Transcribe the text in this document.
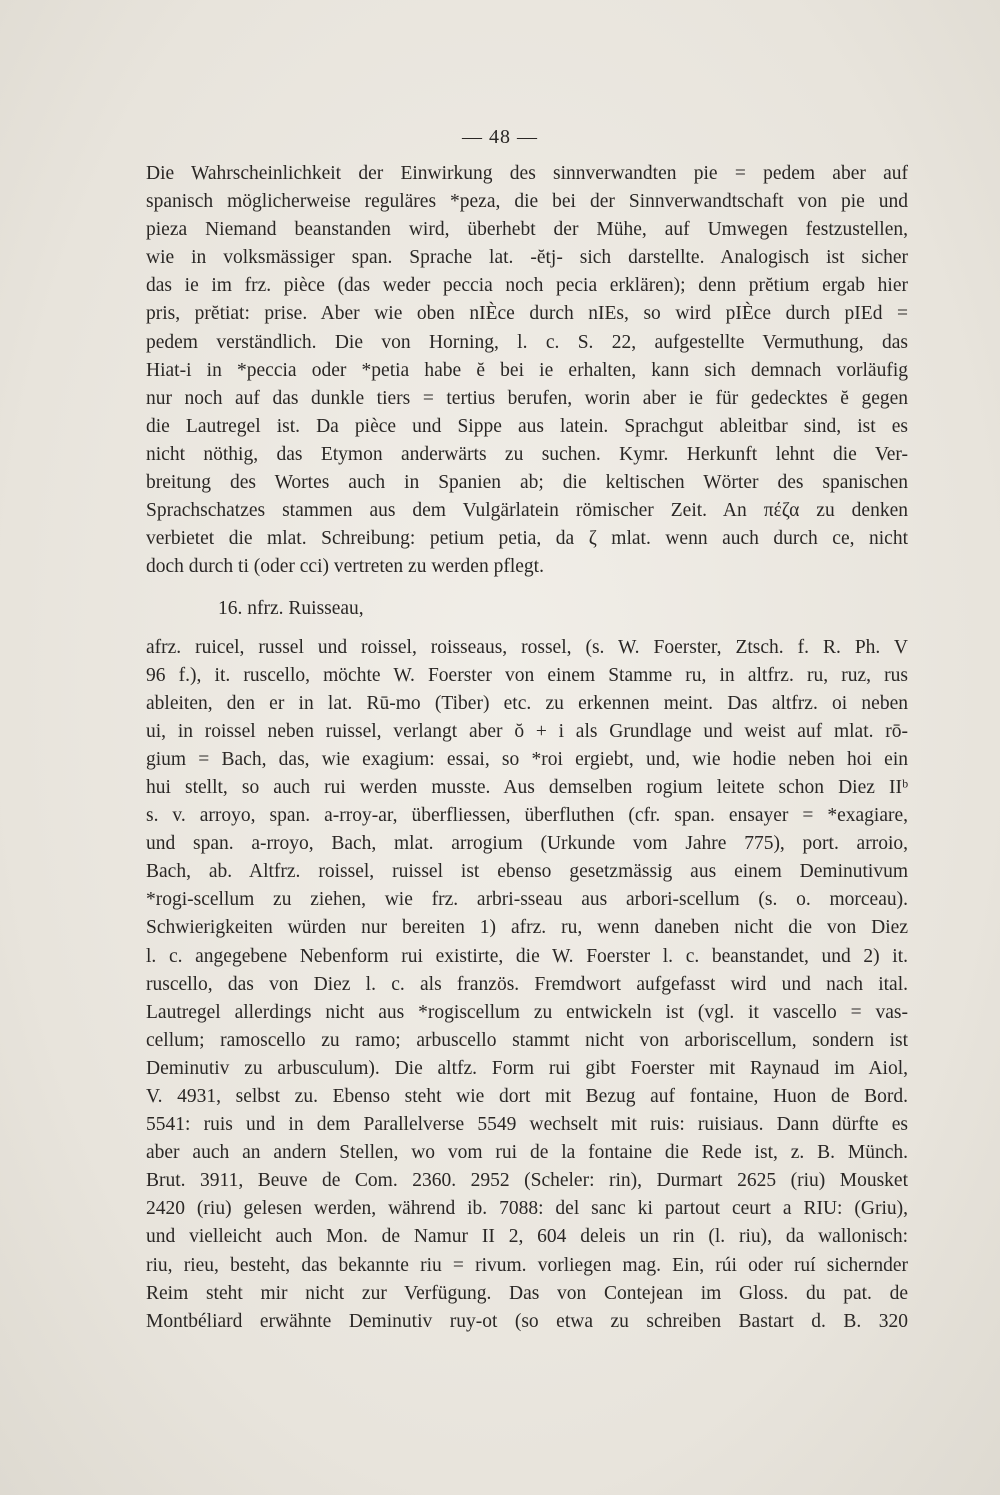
— 48 —
Die Wahrscheinlichkeit der Einwirkung des sinnverwandten pie = pedem aber auf
spanisch möglicherweise reguläres *peza, die bei der Sinnverwandtschaft von pie und
pieza Niemand beanstanden wird, überhebt der Mühe, auf Umwegen festzustellen,
wie in volksmässiger span. Sprache lat. -ĕtj- sich darstellte. Analogisch ist sicher
das ie im frz. pièce (das weder peccia noch pecia erklären); denn prĕtium ergab hier
pris, prĕtiat: prise. Aber wie oben nIÈce durch nIEs, so wird pIÈce durch pIEd =
pedem verständlich. Die von Horning, l. c. S. 22, aufgestellte Vermuthung, das
Hiat-i in *peccia oder *petia habe ĕ bei ie erhalten, kann sich demnach vorläufig
nur noch auf das dunkle tiers = tertius berufen, worin aber ie für gedecktes ĕ gegen
die Lautregel ist. Da pièce und Sippe aus latein. Sprachgut ableitbar sind, ist es
nicht nöthig, das Etymon anderwärts zu suchen. Kymr. Herkunft lehnt die Ver-
breitung des Wortes auch in Spanien ab; die keltischen Wörter des spanischen
Sprachschatzes stammen aus dem Vulgärlatein römischer Zeit. An πέζα zu denken
verbietet die mlat. Schreibung: petium petia, da ζ mlat. wenn auch durch ce, nicht
doch durch ti (oder cci) vertreten zu werden pflegt.
16. nfrz. Ruisseau,
afrz. ruicel, russel und roissel, roisseaus, rossel, (s. W. Foerster, Ztsch. f. R. Ph. V
96 f.), it. ruscello, möchte W. Foerster von einem Stamme ru, in altfrz. ru, ruz, rus
ableiten, den er in lat. Rū-mo (Tiber) etc. zu erkennen meint. Das altfrz. oi neben
ui, in roissel neben ruissel, verlangt aber ŏ + i als Grundlage und weist auf mlat. rō-
gium = Bach, das, wie exagium: essai, so *roi ergiebt, und, wie hodie neben hoi ein
hui stellt, so auch rui werden musste. Aus demselben rogium leitete schon Diez IIᵇ
s. v. arroyo, span. a-rroy-ar, überfliessen, überfluthen (cfr. span. ensayer = *exagiare,
und span. a-rroyo, Bach, mlat. arrogium (Urkunde vom Jahre 775), port. arroio,
Bach, ab. Altfrz. roissel, ruissel ist ebenso gesetzmässig aus einem Deminutivum
*rogi-scellum zu ziehen, wie frz. arbri-sseau aus arbori-scellum (s. o. morceau).
Schwierigkeiten würden nur bereiten 1) afrz. ru, wenn daneben nicht die von Diez
l. c. angegebene Nebenform rui existirte, die W. Foerster l. c. beanstandet, und 2) it.
ruscello, das von Diez l. c. als französ. Fremdwort aufgefasst wird und nach ital.
Lautregel allerdings nicht aus *rogiscellum zu entwickeln ist (vgl. it vascello = vas-
cellum; ramoscello zu ramo; arbuscello stammt nicht von arboriscellum, sondern ist
Deminutiv zu arbusculum). Die altfz. Form rui gibt Foerster mit Raynaud im Aiol,
V. 4931, selbst zu. Ebenso steht wie dort mit Bezug auf fontaine, Huon de Bord.
5541: ruis und in dem Parallelverse 5549 wechselt mit ruis: ruisiaus. Dann dürfte es
aber auch an andern Stellen, wo vom rui de la fontaine die Rede ist, z. B. Münch.
Brut. 3911, Beuve de Com. 2360. 2952 (Scheler: rin), Durmart 2625 (riu) Mousket
2420 (riu) gelesen werden, während ib. 7088: del sanc ki partout ceurt a RIU: (Griu),
und vielleicht auch Mon. de Namur II 2, 604 deleis un rin (l. riu), da wallonisch:
riu, rieu, besteht, das bekannte riu = rivum. vorliegen mag. Ein, rúi oder ruí sichernder
Reim steht mir nicht zur Verfügung. Das von Contejean im Gloss. du pat. de
Montbéliard erwähnte Deminutiv ruy-ot (so etwa zu schreiben Bastart d. B. 320
